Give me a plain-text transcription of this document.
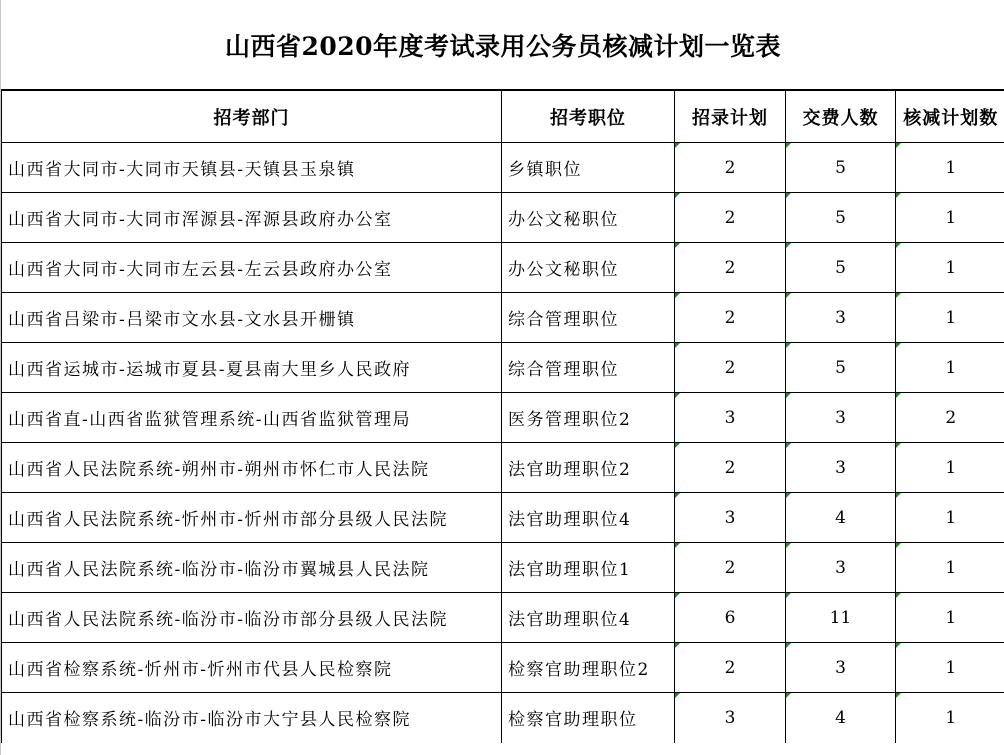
山西省2020年度考试录用公务员核减计划一览表
招考部门	招考职位	招录计划	交费人数	核减计划数
山西省大同市-大同市天镇县-天镇县玉泉镇	乡镇职位	2	5	1
山西省大同市-大同市浑源县-浑源县政府办公室	办公文秘职位	2	5	1
山西省大同市-大同市左云县-左云县政府办公室	办公文秘职位	2	5	1
山西省吕梁市-吕梁市文水县-文水县开栅镇	综合管理职位	2	3	1
山西省运城市-运城市夏县-夏县南大里乡人民政府	综合管理职位	2	5	1
山西省直-山西省监狱管理系统-山西省监狱管理局	医务管理职位2	3	3	2
山西省人民法院系统-朔州市-朔州市怀仁市人民法院	法官助理职位2	2	3	1
山西省人民法院系统-忻州市-忻州市部分县级人民法院	法官助理职位4	3	4	1
山西省人民法院系统-临汾市-临汾市翼城县人民法院	法官助理职位1	2	3	1
山西省人民法院系统-临汾市-临汾市部分县级人民法院	法官助理职位4	6	11	1
山西省检察系统-忻州市-忻州市代县人民检察院	检察官助理职位2	2	3	1
山西省检察系统-临汾市-临汾市大宁县人民检察院	检察官助理职位	3	4	1
